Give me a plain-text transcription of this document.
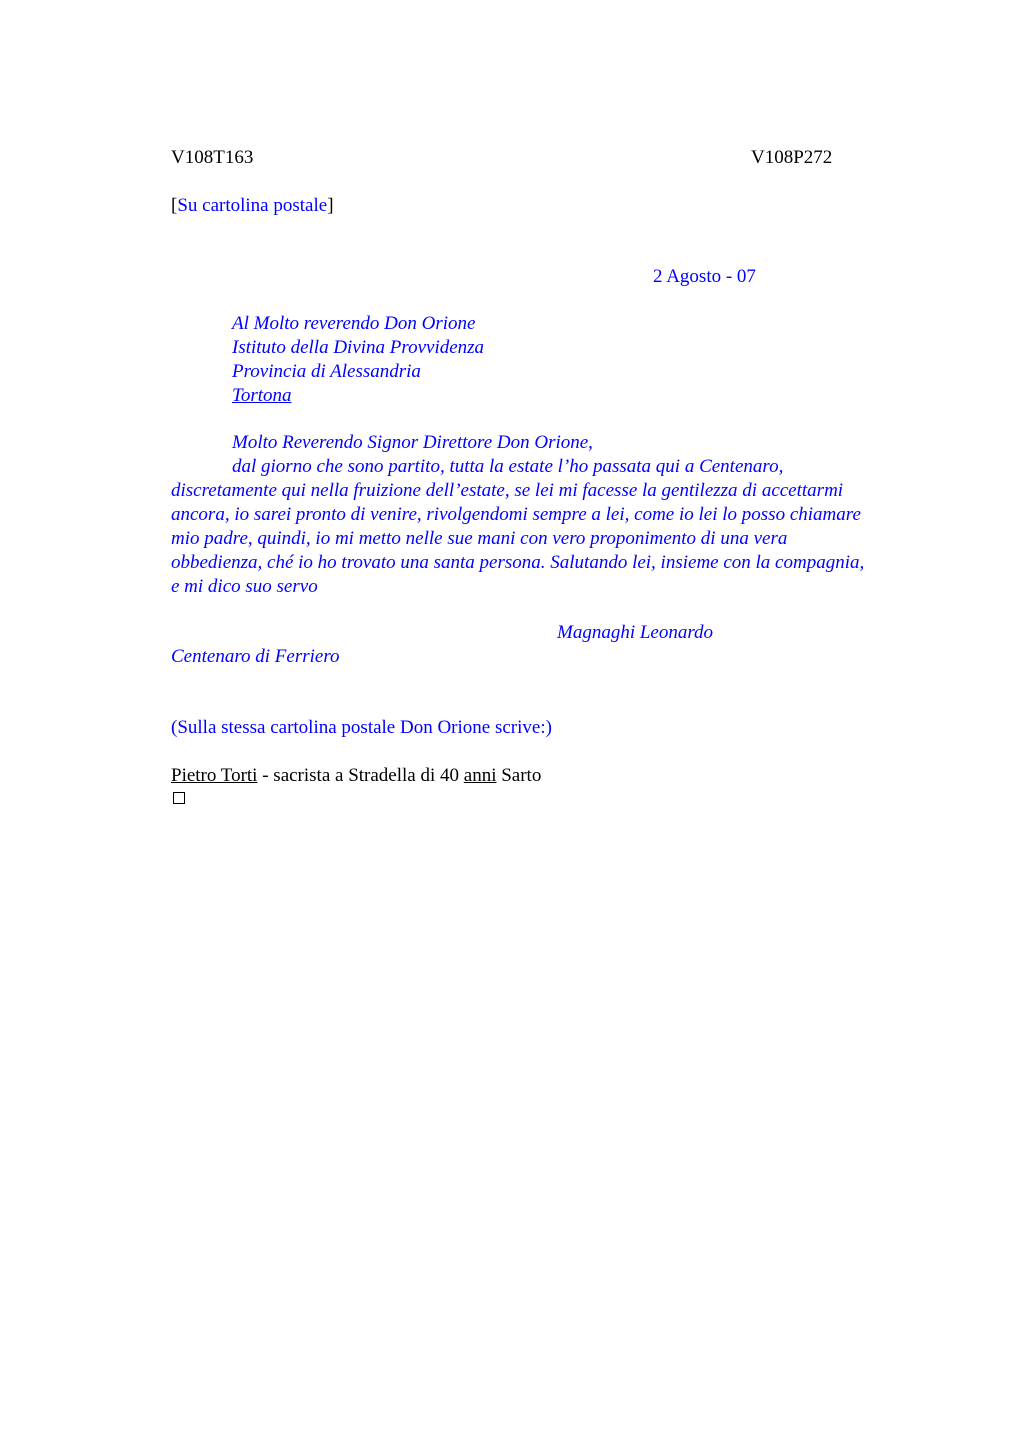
V108T163	V108P272
[Su cartolina postale]
2 Agosto - 07
Al Molto reverendo Don Orione
Istituto della Divina Provvidenza
Provincia di Alessandria
Tortona
Molto Reverendo Signor Direttore Don Orione,
dal giorno che sono partito, tutta la estate l’ho passata qui a Centenaro,
discretamente qui nella fruizione dell’estate, se lei mi facesse la gentilezza di accettarmi
ancora, io sarei pronto di venire, rivolgendomi sempre a lei, come io lei lo posso chiamare
mio padre, quindi, io mi metto nelle sue mani con vero proponimento di una vera
obbedienza, ché io ho trovato una santa persona. Salutando lei, insieme con la compagnia,
e mi dico suo servo
Magnaghi Leonardo
Centenaro di Ferriero
(Sulla stessa cartolina postale Don Orione scrive:)
Pietro Torti - sacrista a Stradella di 40 anni Sarto
